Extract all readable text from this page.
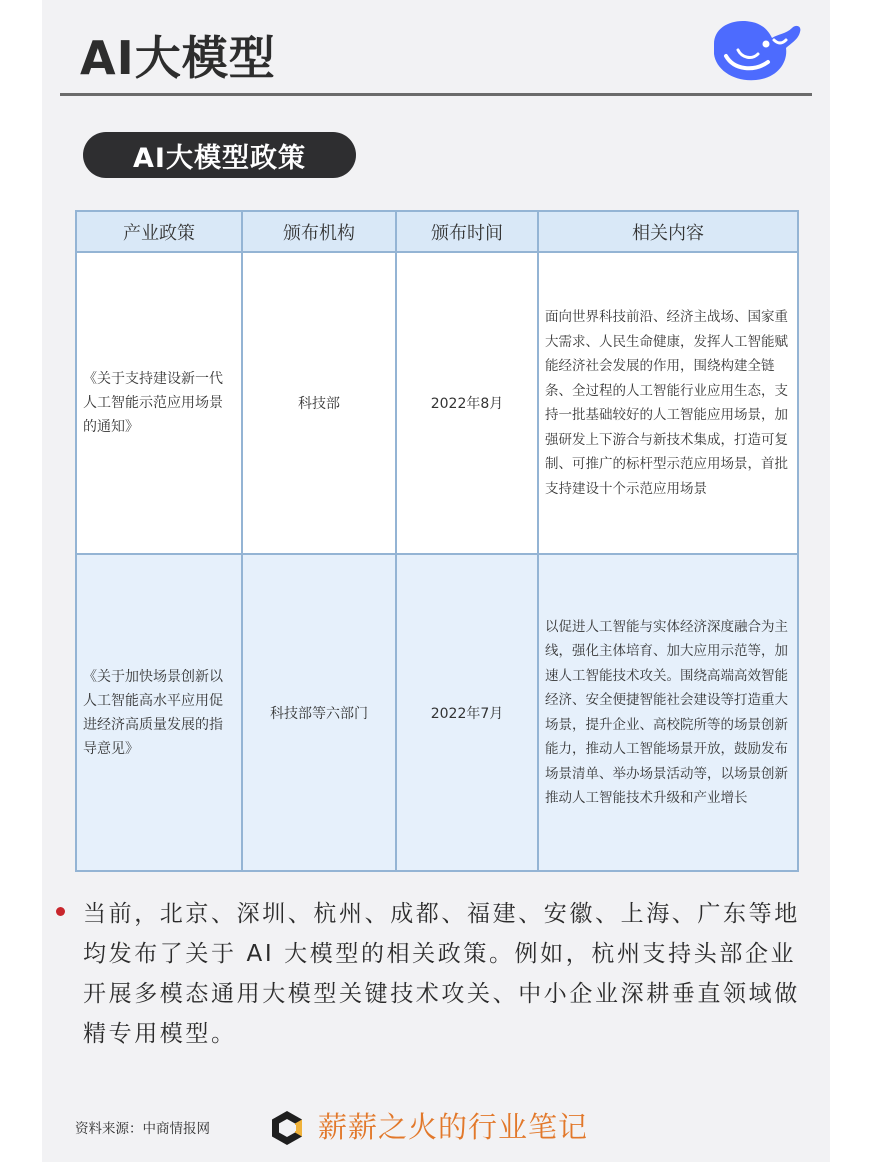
AI大模型
AI大模型政策
产业政策	颁布机构	颁布时间	相关内容
《关于支持建设新一代人工智能示范应用场景的通知》	科技部	2022年8月	面向世界科技前沿、经济主战场、国家重大需求、人民生命健康，发挥人工智能赋能经济社会发展的作用，围绕构建全链条、全过程的人工智能行业应用生态，支持一批基础较好的人工智能应用场景，加强研发上下游合与新技术集成，打造可复制、可推广的标杆型示范应用场景，首批支持建设十个示范应用场景
《关于加快场景创新以人工智能高水平应用促进经济高质量发展的指导意见》	科技部等六部门	2022年7月	以促进人工智能与实体经济深度融合为主线，强化主体培育、加大应用示范等，加速人工智能技术攻关。围绕高端高效智能经济、安全便捷智能社会建设等打造重大场景，提升企业、高校院所等的场景创新能力，推动人工智能场景开放，鼓励发布场景清单、举办场景活动等，以场景创新推动人工智能技术升级和产业增长
当前，北京、深圳、杭州、成都、福建、安徽、上海、广东等地均发布了关于 AI 大模型的相关政策。例如，杭州支持头部企业开展多模态通用大模型关键技术攻关、中小企业深耕垂直领域做精专用模型。
资料来源：中商情报网	薪薪之火的行业笔记
